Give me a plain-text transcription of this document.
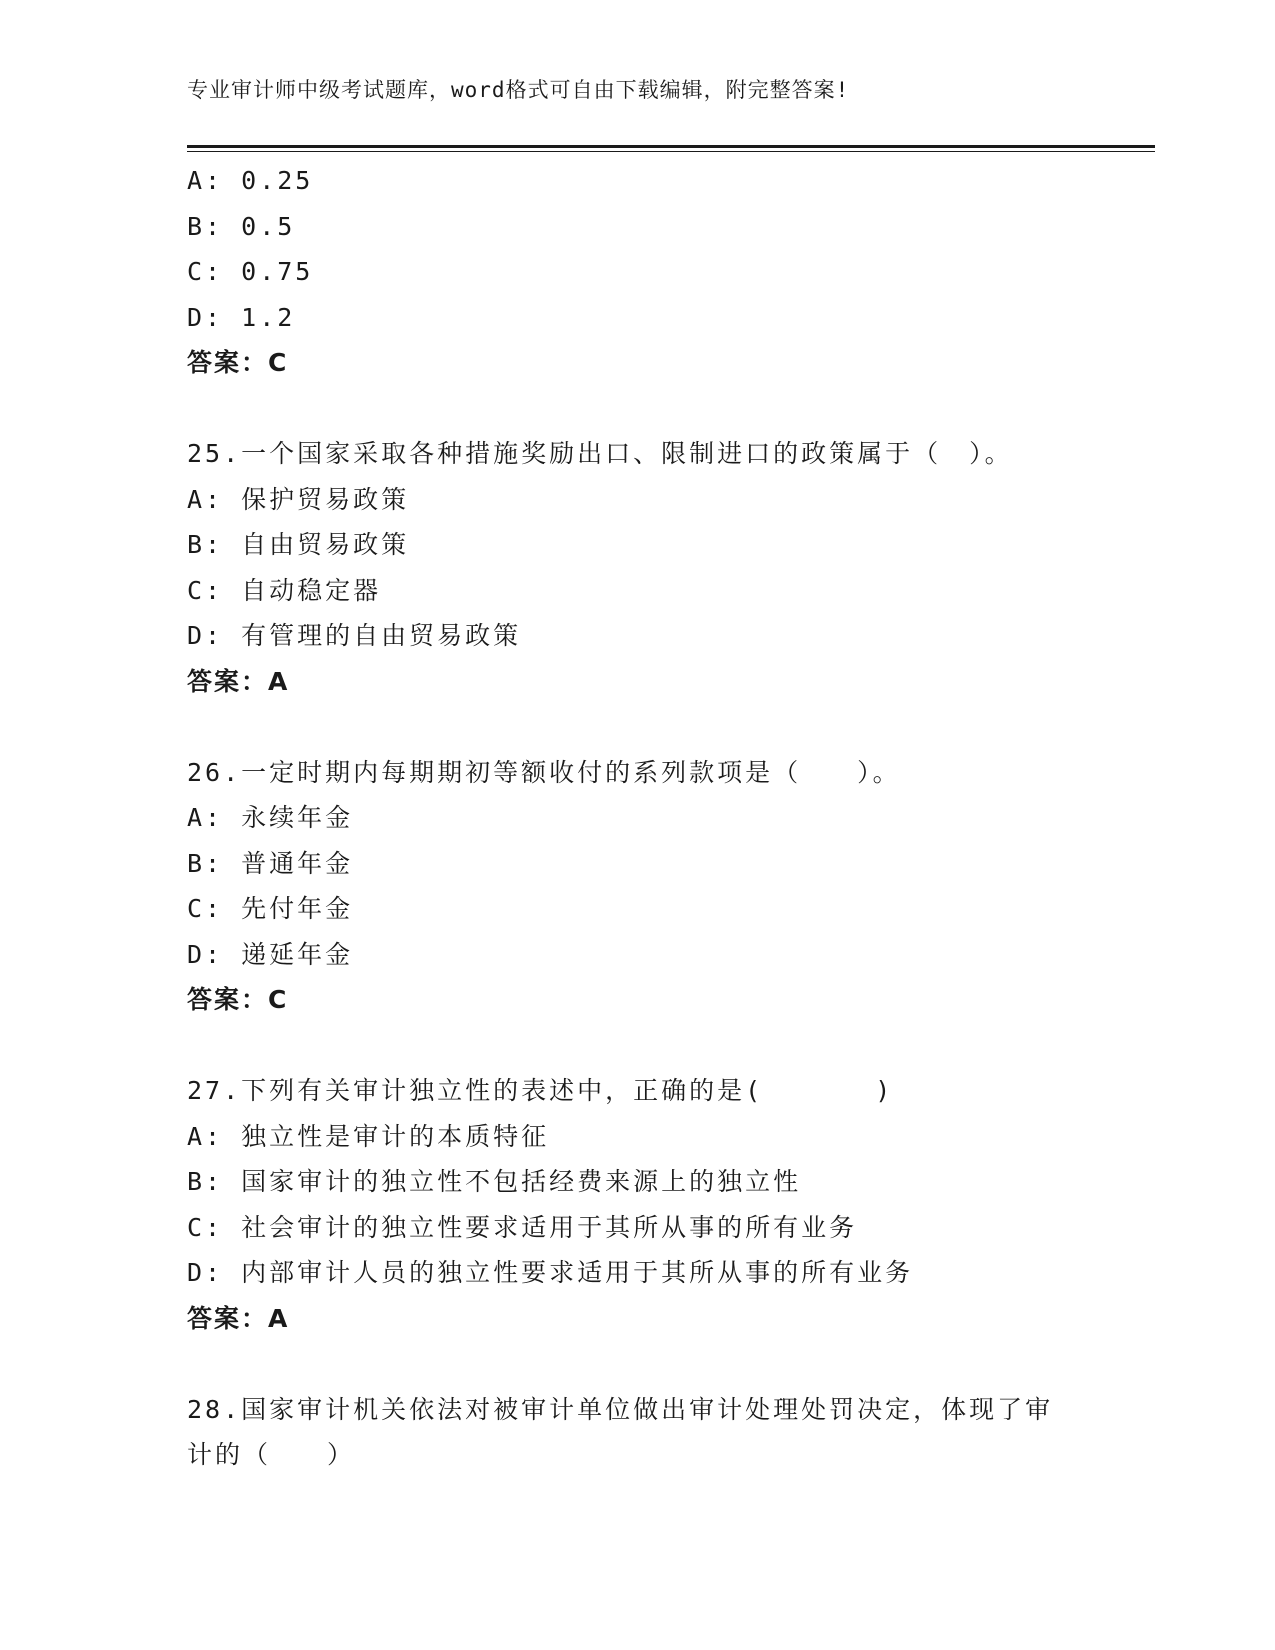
专业审计师中级考试题库，word格式可自由下载编辑，附完整答案!
A: 0.25
B: 0.5
C: 0.75
D: 1.2
答案：C
25.一个国家采取各种措施奖励出口、限制进口的政策属于（　）。
A: 保护贸易政策
B: 自由贸易政策
C: 自动稳定器
D: 有管理的自由贸易政策
答案：A
26.一定时期内每期期初等额收付的系列款项是（　　）。
A: 永续年金
B: 普通年金
C: 先付年金
D: 递延年金
答案：C
27.下列有关审计独立性的表述中，正确的是(　　　　)
A: 独立性是审计的本质特征
B: 国家审计的独立性不包括经费来源上的独立性
C: 社会审计的独立性要求适用于其所从事的所有业务
D: 内部审计人员的独立性要求适用于其所从事的所有业务
答案：A
28.国家审计机关依法对被审计单位做出审计处理处罚决定，体现了审
计的（　　）
